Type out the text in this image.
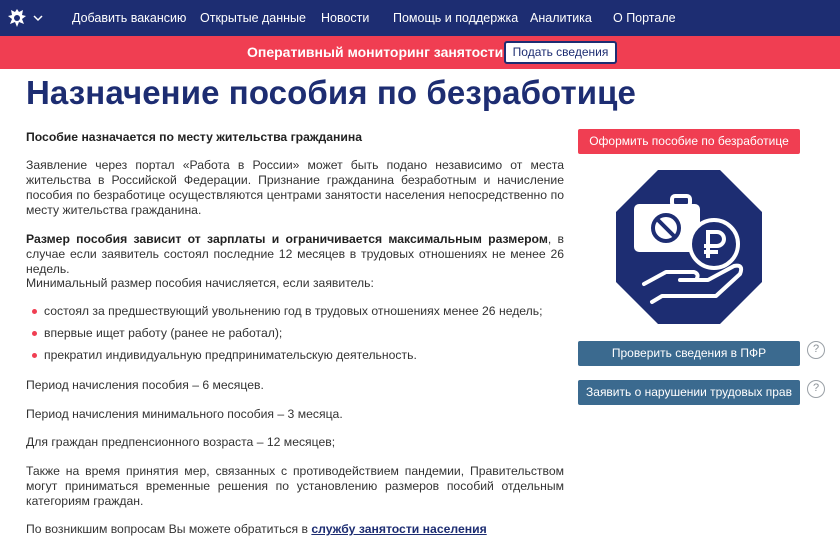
Добавить вакансию Открытые данные Новости Помощь и поддержка Аналитика О Портале
Оперативный мониторинг занятости Подать сведения
Назначение пособия по безработице

Пособие назначается по месту жительства гражданина

Заявление через портал «Работа в России» может быть подано независимо от места жительства в Российской Федерации. Признание гражданина безработным и начисление пособия по безработице осуществляются центрами занятости населения непосредственно по месту жительства гражданина.

Размер пособия зависит от зарплаты и ограничивается максимальным размером, в случае если заявитель состоял последние 12 месяцев в трудовых отношениях не менее 26 недель.

Минимальный размер пособия начисляется, если заявитель:

состоял за предшествующий увольнению год в трудовых отношениях менее 26 недель;
впервые ищет работу (ранее не работал);
прекратил индивидуальную предпринимательскую деятельность.

Период начисления пособия – 6 месяцев.

Период начисления минимального пособия – 3 месяца.

Для граждан предпенсионного возраста – 12 месяцев;

Также на время принятия мер, связанных с противодействием пандемии, Правительством могут приниматься временные решения по установлению размеров пособий отдельным категориям граждан.

По возникшим вопросам Вы можете обратиться в службу занятости населения

Оформить пособие по безработице
Проверить сведения в ПФР	?
Заявить о нарушении трудовых прав	?
